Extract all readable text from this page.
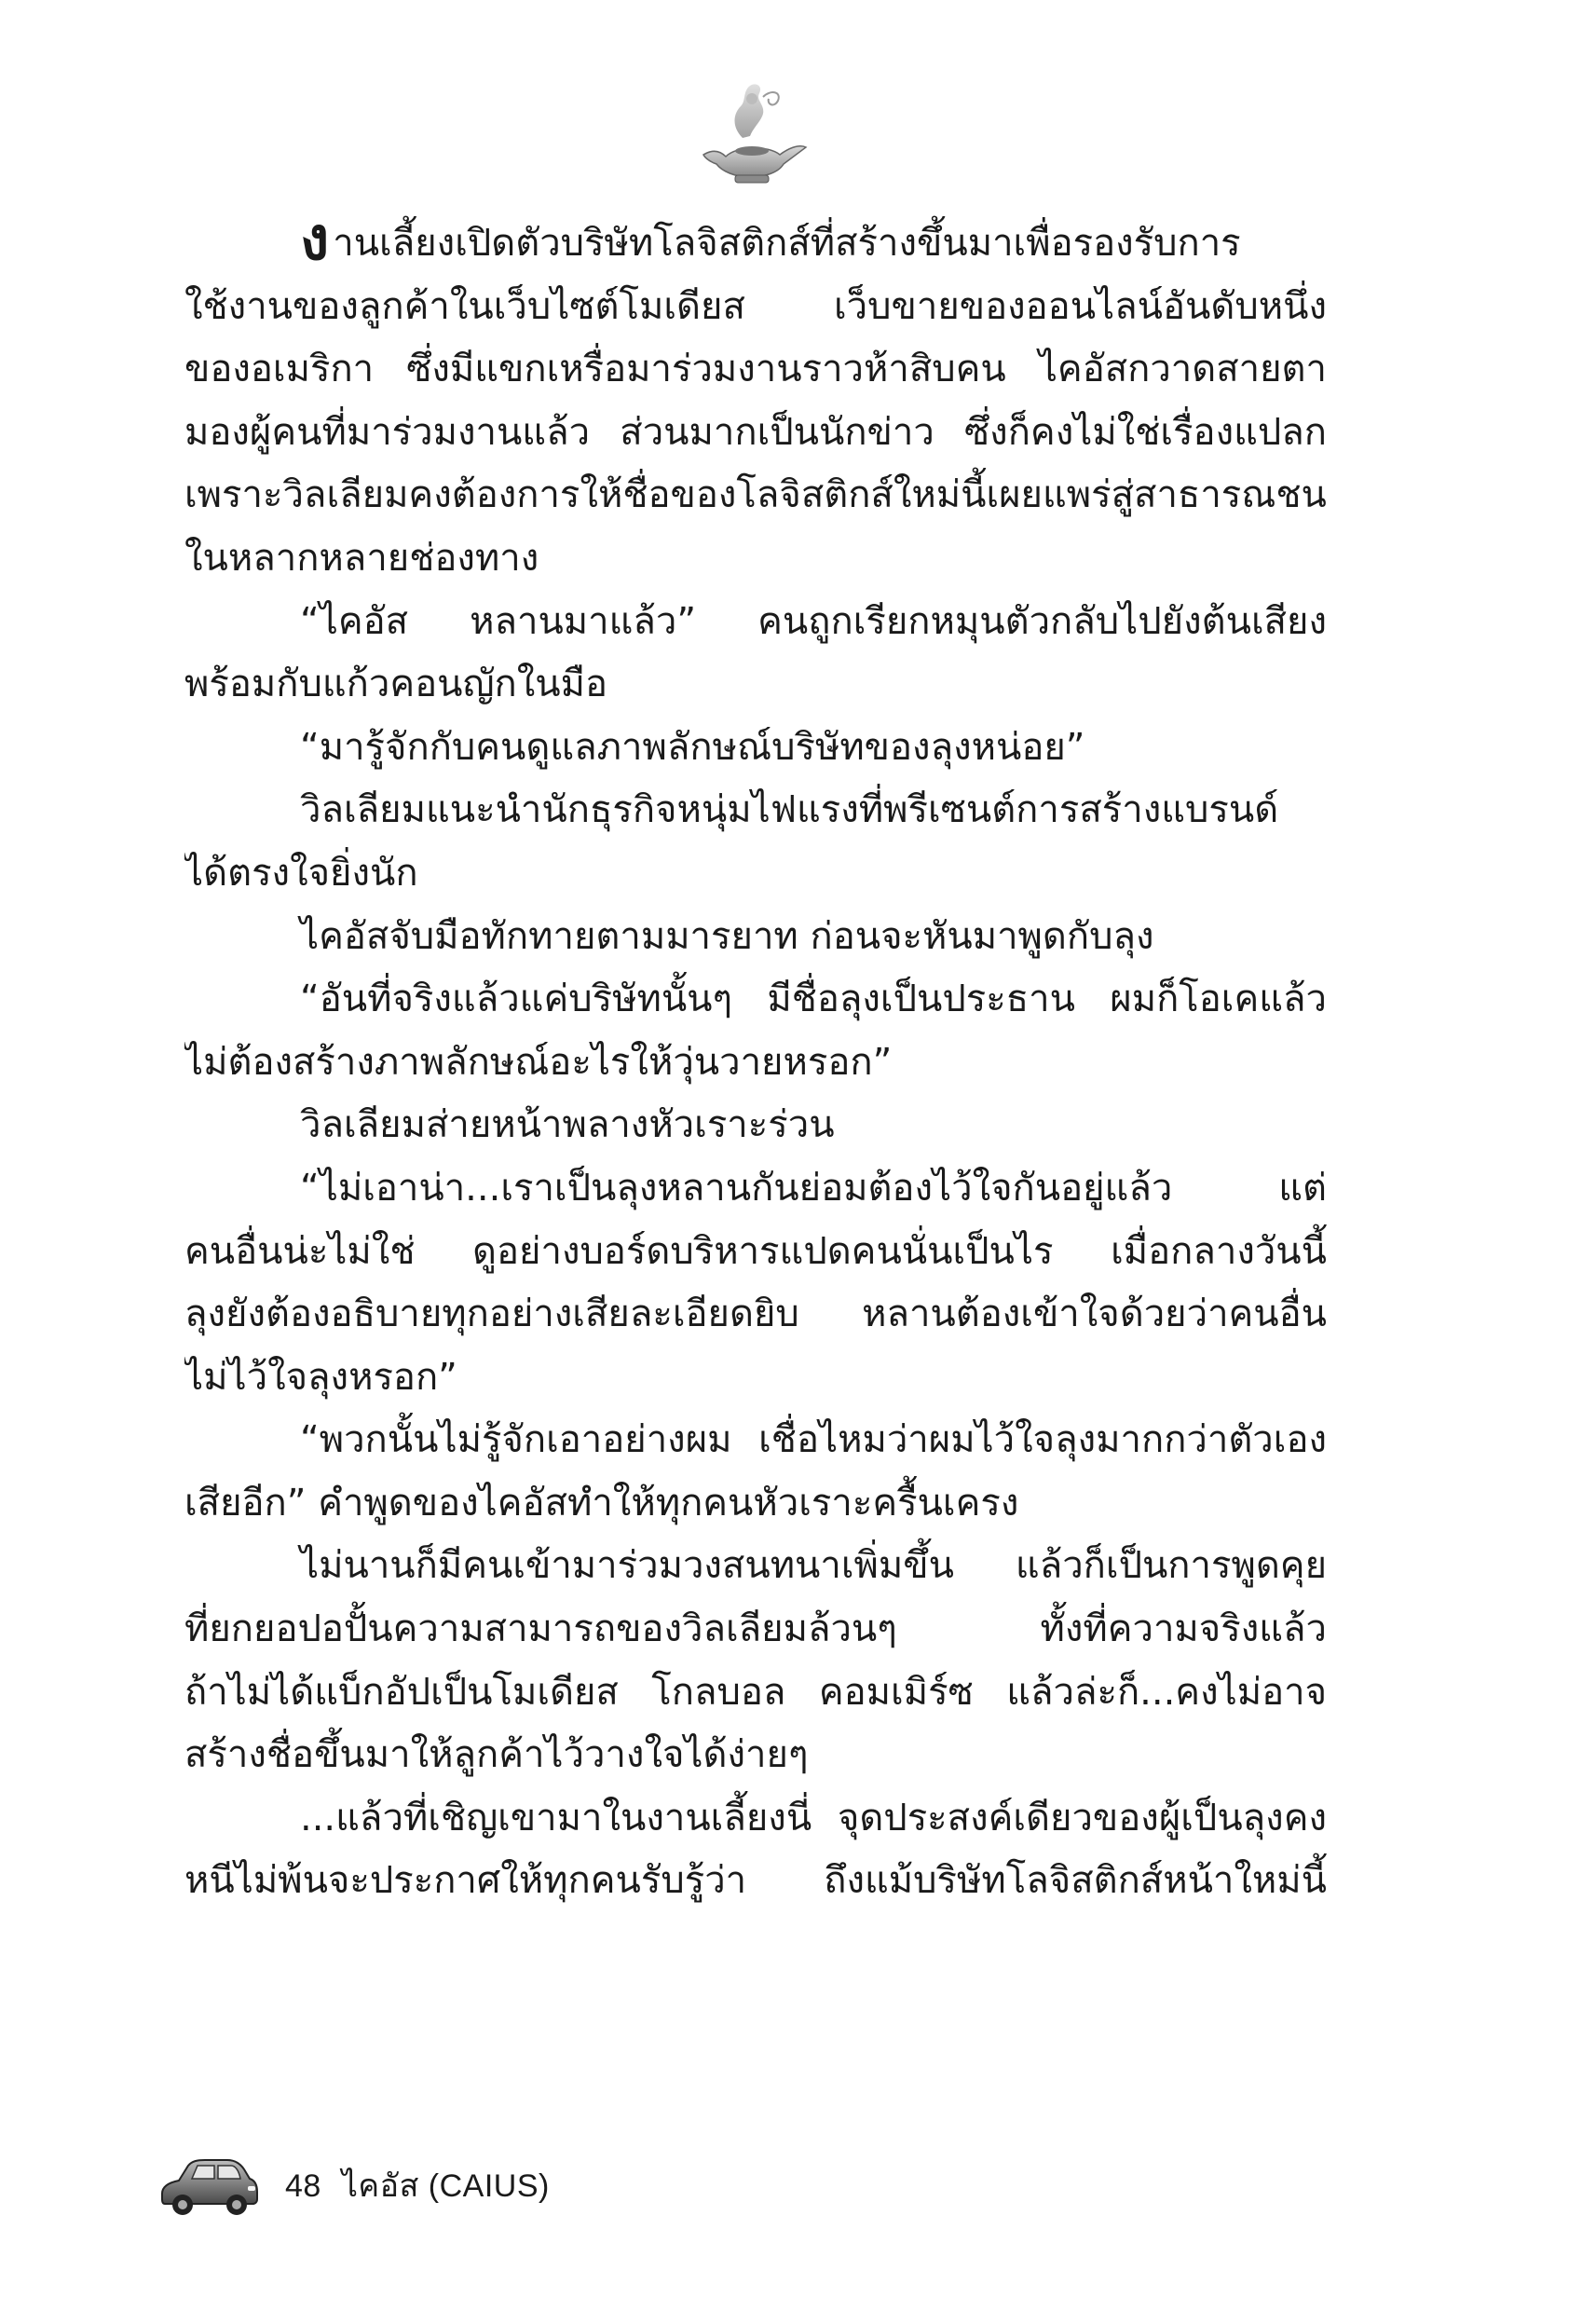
งานเลี้ยงเปิดตัวบริษัทโลจิสติกส์ที่สร้างขึ้นมาเพื่อรองรับการ
ใช้งานของลูกค้าในเว็บไซต์โมเดียส เว็บขายของออนไลน์อันดับหนึ่ง
ของอเมริกา ซึ่งมีแขกเหรื่อมาร่วมงานราวห้าสิบคน ไคอัสกวาดสายตา
มองผู้คนที่มาร่วมงานแล้ว ส่วนมากเป็นนักข่าว ซึ่งก็คงไม่ใช่เรื่องแปลก
เพราะวิลเลียมคงต้องการให้ชื่อของโลจิสติกส์ใหม่นี้เผยแพร่สู่สาธารณชน
ในหลากหลายช่องทาง
“ไคอัส หลานมาแล้ว” คนถูกเรียกหมุนตัวกลับไปยังต้นเสียง
พร้อมกับแก้วคอนญักในมือ
“มารู้จักกับคนดูแลภาพลักษณ์บริษัทของลุงหน่อย”
วิลเลียมแนะนำนักธุรกิจหนุ่มไฟแรงที่พรีเซนต์การสร้างแบรนด์
ได้ตรงใจยิ่งนัก
ไคอัสจับมือทักทายตามมารยาท ก่อนจะหันมาพูดกับลุง
“อันที่จริงแล้วแค่บริษัทนั้นๆ มีชื่อลุงเป็นประธาน ผมก็โอเคแล้ว
ไม่ต้องสร้างภาพลักษณ์อะไรให้วุ่นวายหรอก”
วิลเลียมส่ายหน้าพลางหัวเราะร่วน
“ไม่เอาน่า...เราเป็นลุงหลานกันย่อมต้องไว้ใจกันอยู่แล้ว แต่
คนอื่นน่ะไม่ใช่ ดูอย่างบอร์ดบริหารแปดคนนั่นเป็นไร เมื่อกลางวันนี้
ลุงยังต้องอธิบายทุกอย่างเสียละเอียดยิบ หลานต้องเข้าใจด้วยว่าคนอื่น
ไม่ไว้ใจลุงหรอก”
“พวกนั้นไม่รู้จักเอาอย่างผม เชื่อไหมว่าผมไว้ใจลุงมากกว่าตัวเอง
เสียอีก” คำพูดของไคอัสทำให้ทุกคนหัวเราะครื้นเครง
ไม่นานก็มีคนเข้ามาร่วมวงสนทนาเพิ่มขึ้น แล้วก็เป็นการพูดคุย
ที่ยกยอปอปั้นความสามารถของวิลเลียมล้วนๆ ทั้งที่ความจริงแล้ว
ถ้าไม่ได้แบ็กอัปเป็นโมเดียส โกลบอล คอมเมิร์ซ แล้วล่ะก็...คงไม่อาจ
สร้างชื่อขึ้นมาให้ลูกค้าไว้วางใจได้ง่ายๆ
...แล้วที่เชิญเขามาในงานเลี้ยงนี่ จุดประสงค์เดียวของผู้เป็นลุงคง
หนีไม่พ้นจะประกาศให้ทุกคนรับรู้ว่า ถึงแม้บริษัทโลจิสติกส์หน้าใหม่นี้
48 ไคอัส (CAIUS)
